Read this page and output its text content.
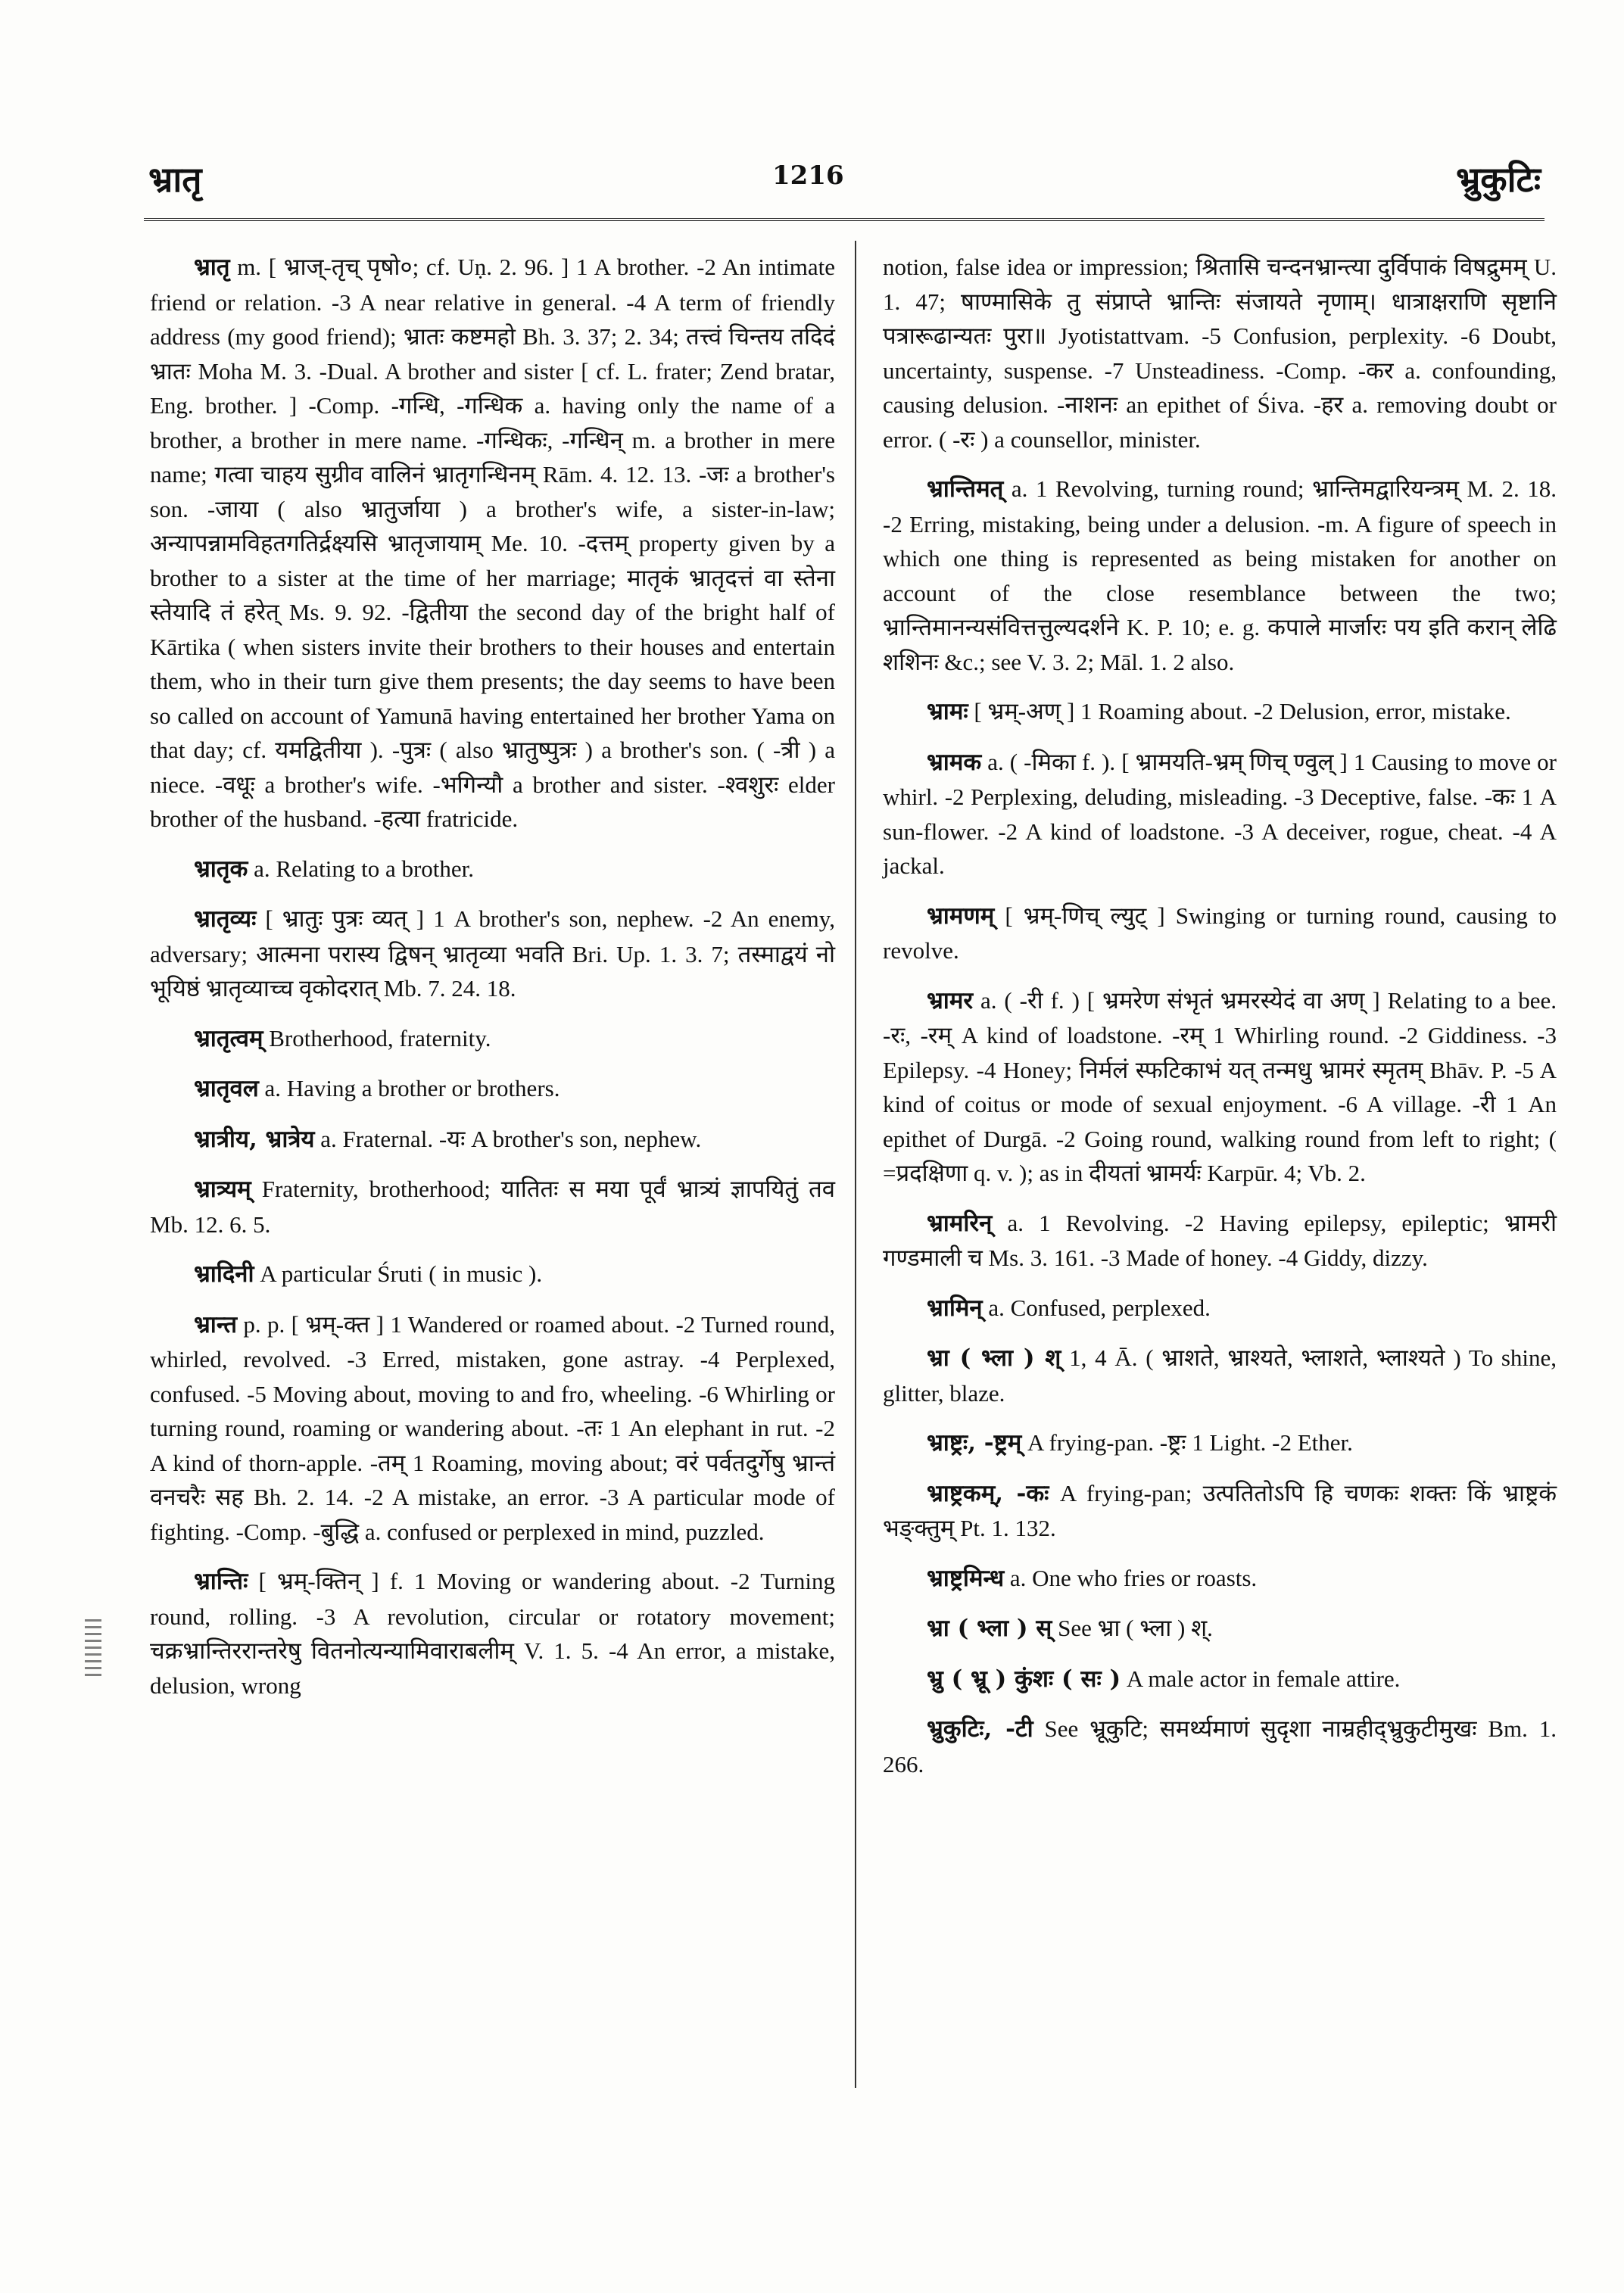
भ्रातृ	1216	भ्रुकुटिः

भ्रातृ m. [ भ्राज्-तृच् पृषो०; cf. Uṇ. 2. 96. ] 1 A brother. -2 An intimate friend or relation. -3 A near relative in general. -4 A term of friendly address (my good friend); भ्रातः कष्टमहो Bh. 3. 37; 2. 34; तत्त्वं चिन्तय तदिदं भ्रातः Moha M. 3. -Dual. A brother and sister [ cf. L. frater; Zend bratar, Eng. brother. ] -Comp. -गन्धि, -गन्धिक a. having only the name of a brother, a brother in mere name. -गन्धिकः, -गन्धिन् m. a brother in mere name; गत्वा चाहय सुग्रीव वालिनं भ्रातृगन्धिनम् Rām. 4. 12. 13. -जः a brother's son. -जाया ( also भ्रातुर्जाया ) a brother's wife, a sister-in-law; अन्यापन्नामविहतगतिर्द्रक्ष्यसि भ्रातृजायाम् Me. 10. -दत्तम् property given by a brother to a sister at the time of her marriage; मातृकं भ्रातृदत्तं वा स्तेना स्तेयादि तं हरेत् Ms. 9. 92. -द्वितीया the second day of the bright half of Kārtika ( when sisters invite their brothers to their houses and entertain them, who in their turn give them presents; the day seems to have been so called on account of Yamunā having entertained her brother Yama on that day; cf. यमद्वितीया ). -पुत्रः ( also भ्रातुष्पुत्रः ) a brother's son. ( -त्री ) a niece. -वधूः a brother's wife. -भगिन्यौ a brother and sister. -श्वशुरः elder brother of the husband. -हत्या fratricide.

भ्रातृक a. Relating to a brother.

भ्रातृव्यः [ भ्रातुः पुत्रः व्यत् ] 1 A brother's son, nephew. -2 An enemy, adversary; आत्मना परास्य द्विषन् भ्रातृव्या भवति Bri. Up. 1. 3. 7; तस्माद्वयं नो भूयिष्ठं भ्रातृव्याच्च वृकोदरात् Mb. 7. 24. 18.

भ्रातृत्वम् Brotherhood, fraternity.

भ्रातृवल a. Having a brother or brothers.

भ्रात्रीय, भ्रात्रेय a. Fraternal. -यः A brother's son, nephew.

भ्रात्र्यम् Fraternity, brotherhood; यातितः स मया पूर्वं भ्रात्र्यं ज्ञापयितुं तव Mb. 12. 6. 5.

भ्रादिनी A particular Śruti ( in music ).

भ्रान्त p. p. [ भ्रम्-क्त ] 1 Wandered or roamed about. -2 Turned round, whirled, revolved. -3 Erred, mistaken, gone astray. -4 Perplexed, confused. -5 Moving about, moving to and fro, wheeling. -6 Whirling or turning round, roaming or wandering about. -तः 1 An elephant in rut. -2 A kind of thorn-apple. -तम् 1 Roaming, moving about; वरं पर्वतदुर्गेषु भ्रान्तं वनचरैः सह Bh. 2. 14. -2 A mistake, an error. -3 A particular mode of fighting. -Comp. -बुद्धि a. confused or perplexed in mind, puzzled.

भ्रान्तिः [ भ्रम्-क्तिन् ] f. 1 Moving or wandering about. -2 Turning round, rolling. -3 A revolution, circular or rotatory movement; चक्रभ्रान्तिररान्तरेषु वितनोत्यन्यामिवाराबलीम् V. 1. 5. -4 An error, a mistake, delusion, wrong

notion, false idea or impression; श्रितासि चन्दनभ्रान्त्या दुर्विपाकं विषद्रुमम् U. 1. 47; षाण्मासिके तु संप्राप्ते भ्रान्तिः संजायते नृणाम्। धात्राक्षराणि सृष्टानि पत्रारूढान्यतः पुरा॥ Jyotistattvam. -5 Confusion, perplexity. -6 Doubt, uncertainty, suspense. -7 Unsteadiness. -Comp. -कर a. confounding, causing delusion. -नाशनः an epithet of Śiva. -हर a. removing doubt or error. ( -रः ) a counsellor, minister.

भ्रान्तिमत् a. 1 Revolving, turning round; भ्रान्तिमद्वारियन्त्रम् M. 2. 18. -2 Erring, mistaking, being under a delusion. -m. A figure of speech in which one thing is represented as being mistaken for another on account of the close resemblance between the two; भ्रान्तिमानन्यसंवित्तत्तुल्यदर्शने K. P. 10; e. g. कपाले मार्जारः पय इति करान् लेढि शशिनः &c.; see V. 3. 2; Māl. 1. 2 also.

भ्रामः [ भ्रम्-अण् ] 1 Roaming about. -2 Delusion, error, mistake.

भ्रामक a. ( -मिका f. ). [ भ्रामयति-भ्रम् णिच् ण्वुल् ] 1 Causing to move or whirl. -2 Perplexing, deluding, misleading. -3 Deceptive, false. -कः 1 A sun-flower. -2 A kind of loadstone. -3 A deceiver, rogue, cheat. -4 A jackal.

भ्रामणम् [ भ्रम्-णिच् ल्युट् ] Swinging or turning round, causing to revolve.

भ्रामर a. ( -री f. ) [ भ्रमरेण संभृतं भ्रमरस्येदं वा अण् ] Relating to a bee. -रः, -रम् A kind of loadstone. -रम् 1 Whirling round. -2 Giddiness. -3 Epilepsy. -4 Honey; निर्मलं स्फटिकाभं यत् तन्मधु भ्रामरं स्मृतम् Bhāv. P. -5 A kind of coitus or mode of sexual enjoyment. -6 A village. -री 1 An epithet of Durgā. -2 Going round, walking round from left to right; ( =प्रदक्षिणा q. v. ); as in दीयतां भ्रामर्यः Karpūr. 4; Vb. 2.

भ्रामरिन् a. 1 Revolving. -2 Having epilepsy, epileptic; भ्रामरी गण्डमाली च Ms. 3. 161. -3 Made of honey. -4 Giddy, dizzy.

भ्रामिन् a. Confused, perplexed.

भ्रा ( भ्ला ) श् 1, 4 Ā. ( भ्राशते, भ्राश्यते, भ्लाशते, भ्लाश्यते ) To shine, glitter, blaze.

भ्राष्ट्रः, -ष्ट्रम् A frying-pan. -ष्ट्रः 1 Light. -2 Ether.

भ्राष्ट्रकम्, -कः A frying-pan; उत्पतितोऽपि हि चणकः शक्तः किं भ्राष्ट्रकं भङ्क्तुम् Pt. 1. 132.

भ्राष्ट्रमिन्ध a. One who fries or roasts.

भ्रा ( भ्ला ) स् See भ्रा ( भ्ला ) श्.

भ्रु ( भ्रू ) कुंशः ( सः ) A male actor in female attire.

भ्रुकुटिः, -टी See भ्रूकुटि; समर्थ्यमाणं सुदृशा नाम्रहीद्भ्रुकुटीमुखः Bm. 1. 266.
